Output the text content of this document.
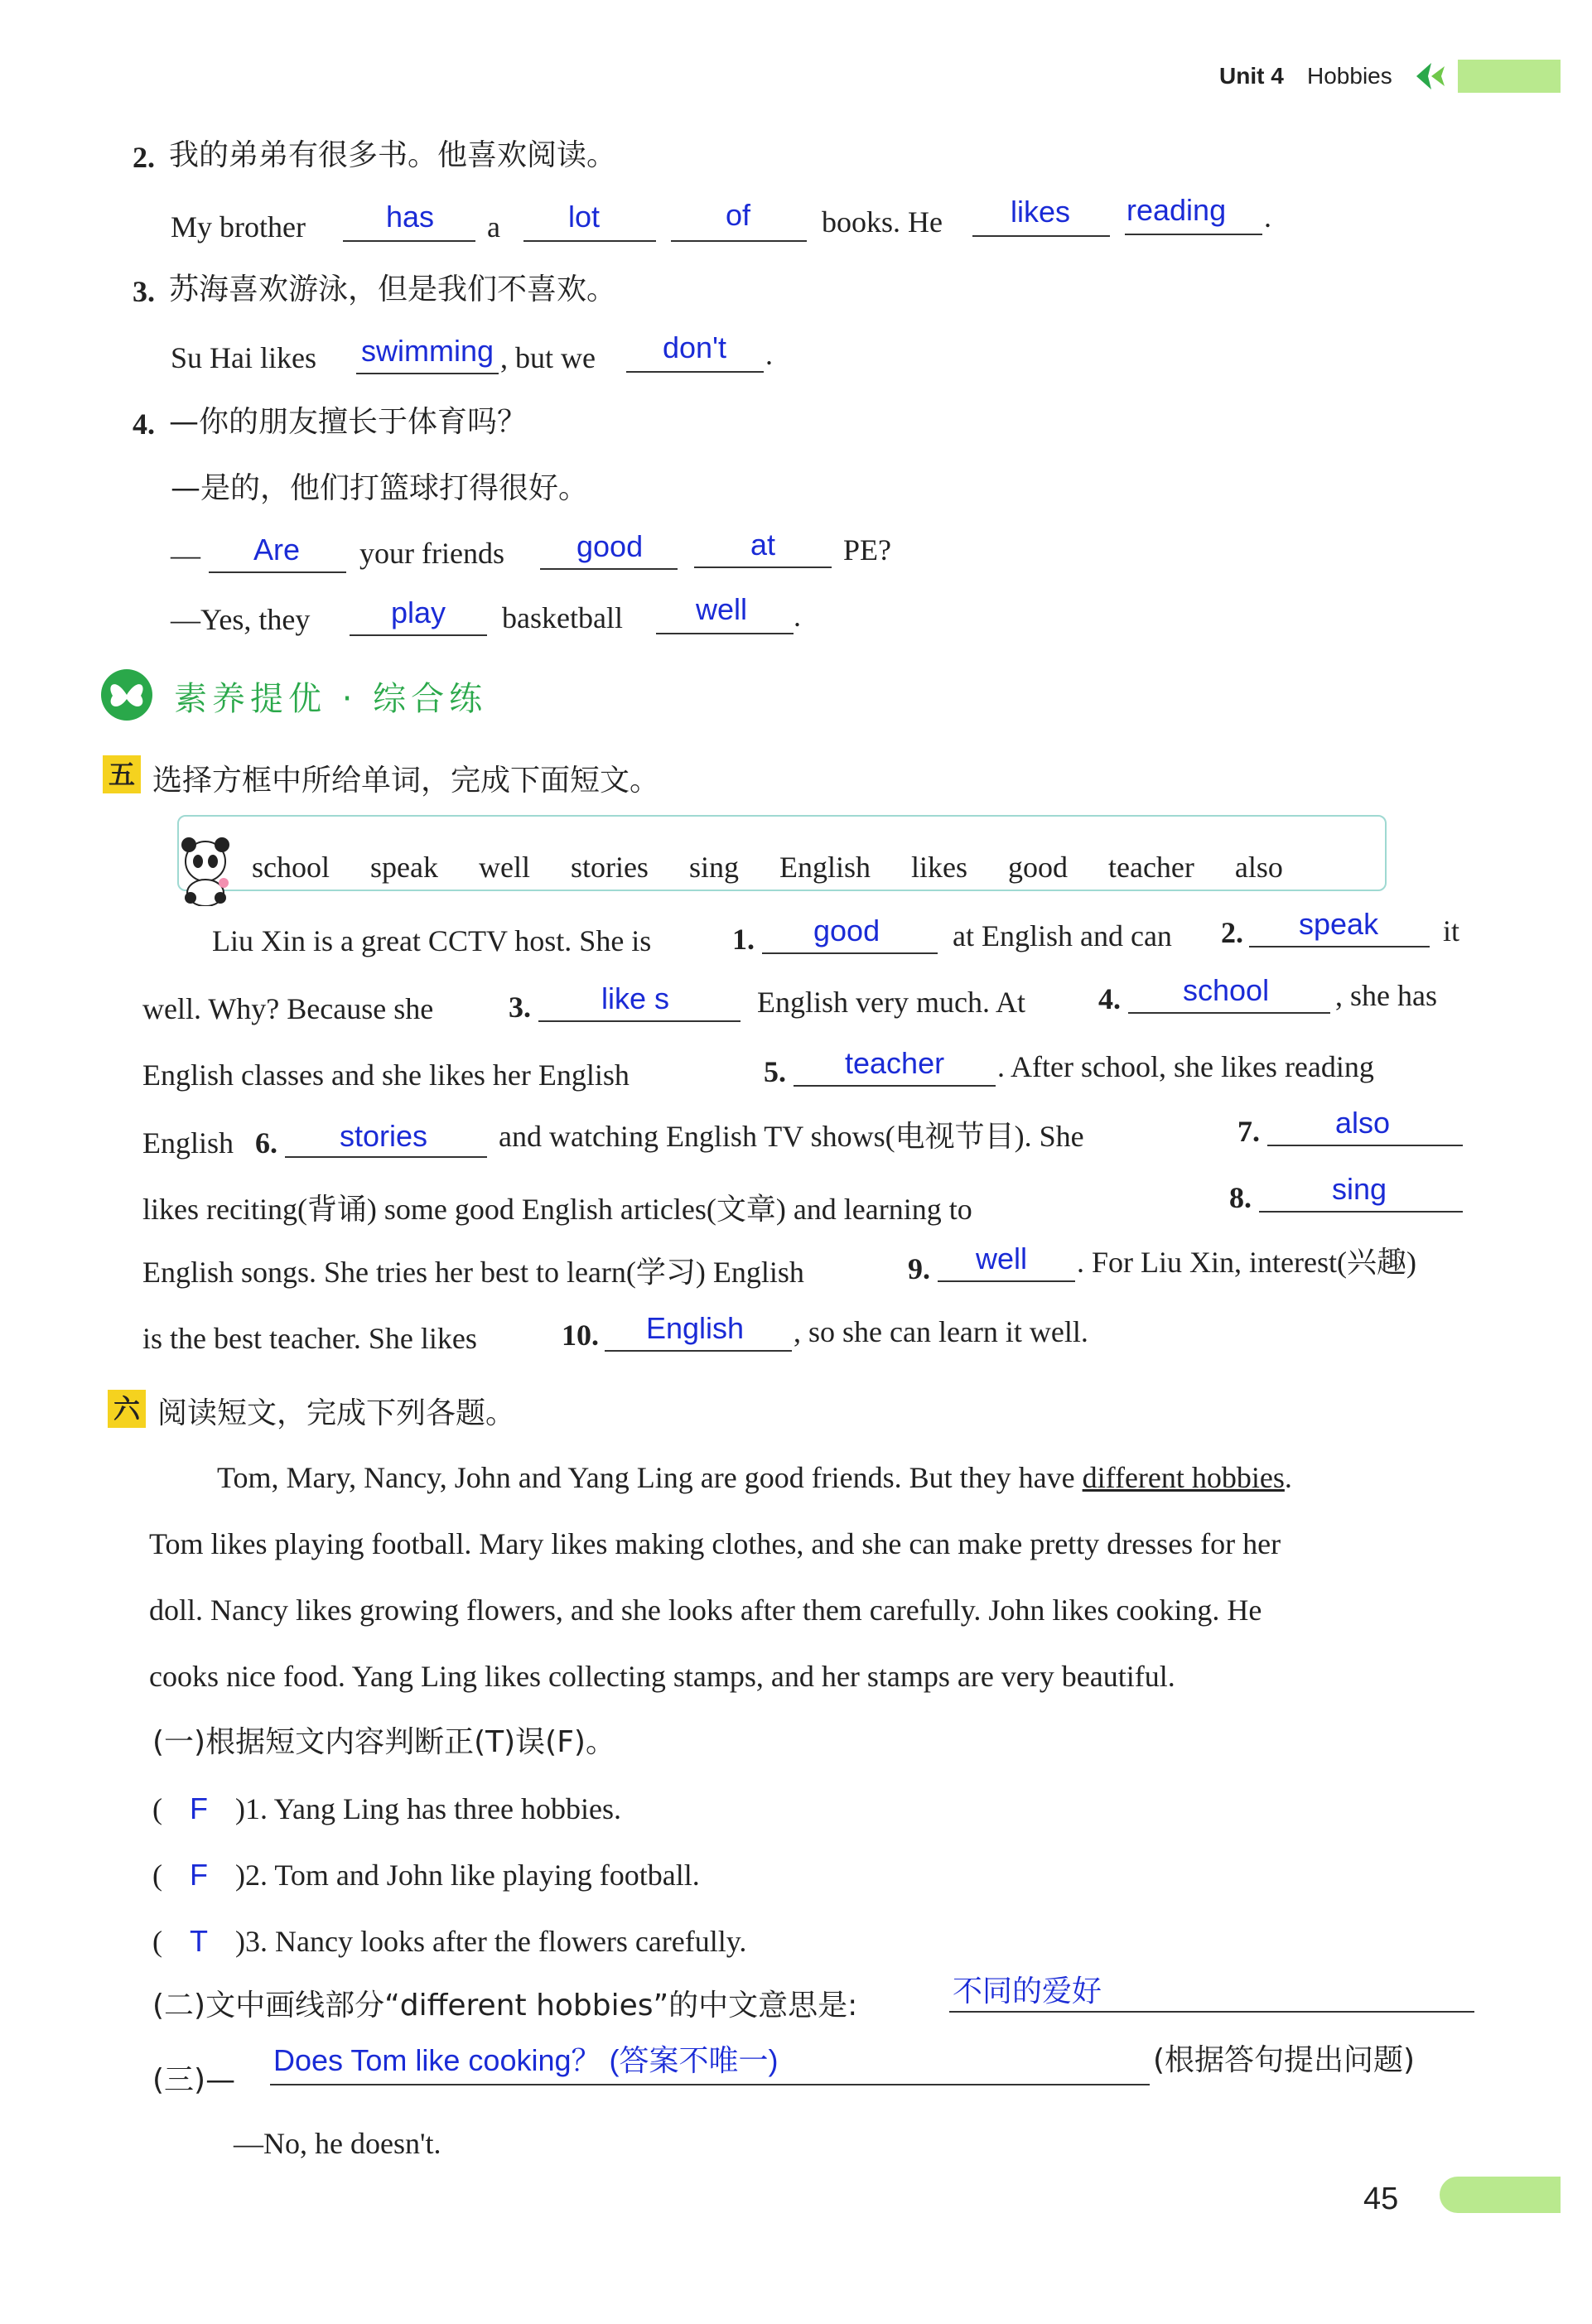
Unit 4 Hobbies
2. 我的弟弟有很多书。他喜欢阅读。
My brother	has a lot	of books. He likes reading .
3. 苏海喜欢游泳，但是我们不喜欢。
Su Hai likes swimming , but we don't .
4. —你的朋友擅长于体育吗？
—是的，他们打篮球打得很好。
— Are your friends good	at PE?
—Yes, they	play basketball well .
素养提优 · 综合练
五 选择方框中所给单词，完成下面短文。
school speak well stories sing English likes good teacher also
Liu Xin is a great CCTV host. She is	1. good at English and can 2. speak it
well. Why? Because she	3. like s	English very much. At 4. school , she has
English classes and she likes her English	5. teacher . After school, she likes reading
English 6. stories and watching English TV shows(电视节目). She	7.	also
likes reciting(背诵) some good English articles(文章) and learning to	8.	sing
English songs. She tries her best to learn(学习) English	9. well . For Liu Xin, interest(兴趣)
is the best teacher. She likes	10. English , so she can learn it well.
六 阅读短文，完成下列各题。
Tom, Mary, Nancy, John and Yang Ling are good friends. But they have different hobbies.
Tom likes playing football. Mary likes making clothes, and she can make pretty dresses for her
doll. Nancy likes growing flowers, and she looks after them carefully. John likes cooking. He
cooks nice food. Yang Ling likes collecting stamps, and her stamps are very beautiful.
(一)根据短文内容判断正(T)误(F)。
( F )1. Yang Ling has three hobbies.
( F )2. Tom and John like playing football.
( T )3. Nancy looks after the flowers carefully.
(二)文中画线部分“different hobbies”的中文意思是:	不同的爱好
(三)—
Does Tom like cooking？ (答案不唯一)	(根据答句提出问题)
—No, he doesn't.
45
